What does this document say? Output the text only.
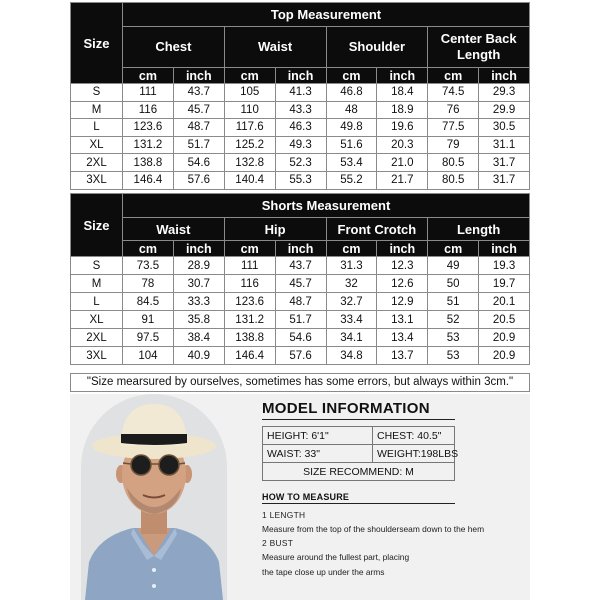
Size	Top Measurement							
	Chest		Waist		Shoulder		Center Back Length	
	cm	inch	cm	inch	cm	inch	cm	inch
S	111	43.7	105	41.3	46.8	18.4	74.5	29.3
M	116	45.7	110	43.3	48	18.9	76	29.9
L	123.6	48.7	117.6	46.3	49.8	19.6	77.5	30.5
XL	131.2	51.7	125.2	49.3	51.6	20.3	79	31.1
2XL	138.8	54.6	132.8	52.3	53.4	21.0	80.5	31.7
3XL	146.4	57.6	140.4	55.3	55.2	21.7	80.5	31.7
Size	Shorts Measurement							
	Waist		Hip		Front Crotch		Length	
	cm	inch	cm	inch	cm	inch	cm	inch
S	73.5	28.9	111	43.7	31.3	12.3	49	19.3
M	78	30.7	116	45.7	32	12.6	50	19.7
L	84.5	33.3	123.6	48.7	32.7	12.9	51	20.1
XL	91	35.8	131.2	51.7	33.4	13.1	52	20.5
2XL	97.5	38.4	138.8	54.6	34.1	13.4	53	20.9
3XL	104	40.9	146.4	57.6	34.8	13.7	53	20.9
"Size mearsured by ourselves, sometimes has some errors, but always within 3cm."
MODEL INFORMATION
HEIGHT: 6'1"	CHEST: 40.5"
WAIST: 33"	WEIGHT:198LBS
SIZE RECOMMEND: M	
HOW TO MEASURE
1 LENGTH
Measure from the top of the shoulderseam down to the hem
2 BUST
Measure around the fullest part, placing
the tape close up under the arms
